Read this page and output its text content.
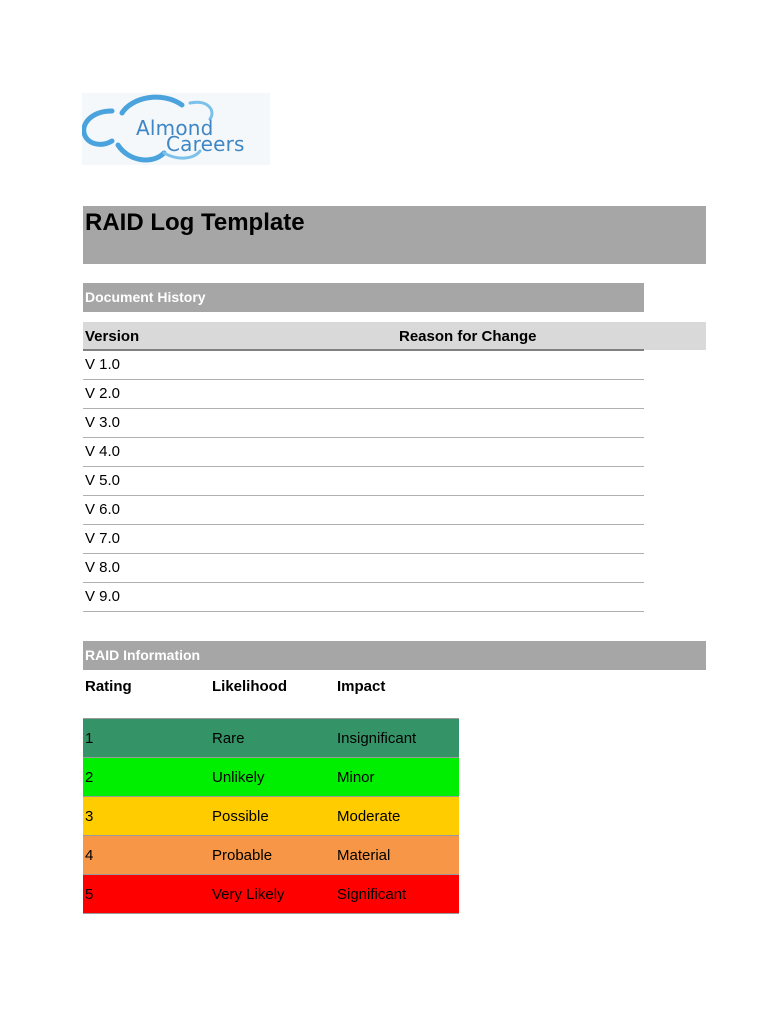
Almond
Careers
RAID Log Template
Document History
Version	Reason for Change
V 1.0
V 2.0
V 3.0
V 4.0
V 5.0
V 6.0
V 7.0
V 8.0
V 9.0
RAID Information
Rating	Likelihood	Impact
1	Rare	Insignificant
2	Unlikely	Minor
3	Possible	Moderate
4	Probable	Material
5	Very Likely	Significant
